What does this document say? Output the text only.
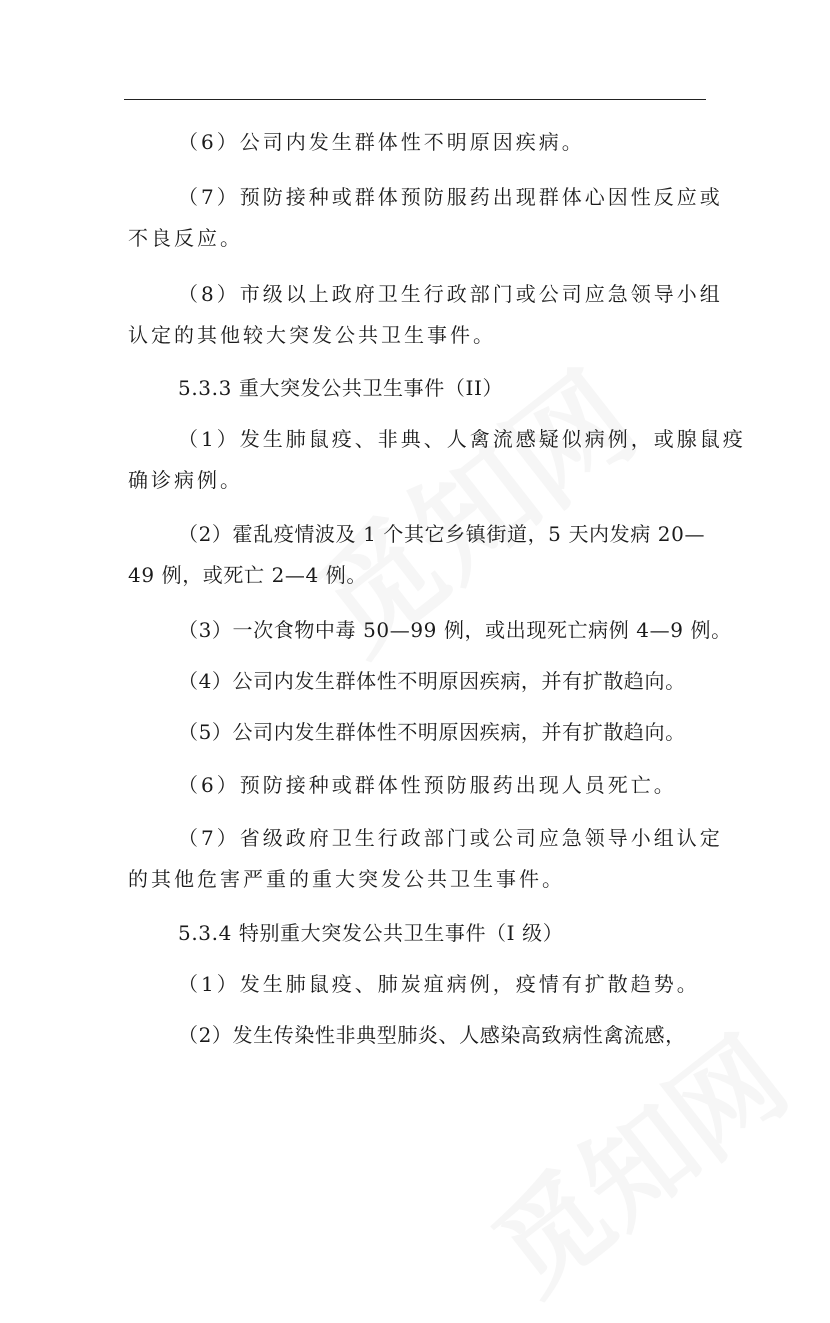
（6）公司内发生群体性不明原因疾病。
（7）预防接种或群体预防服药出现群体心因性反应或
不良反应。
（8）市级以上政府卫生行政部门或公司应急领导小组
认定的其他较大突发公共卫生事件。
5.3.3 重大突发公共卫生事件（II）
（1）发生肺鼠疫、非典、人禽流感疑似病例，或腺鼠疫
确诊病例。
（2）霍乱疫情波及 1 个其它乡镇街道，5 天内发病 20—
49 例，或死亡 2—4 例。
（3）一次食物中毒 50—99 例，或出现死亡病例 4—9 例。
（4）公司内发生群体性不明原因疾病，并有扩散趋向。
（5）公司内发生群体性不明原因疾病，并有扩散趋向。
（6）预防接种或群体性预防服药出现人员死亡。
（7）省级政府卫生行政部门或公司应急领导小组认定
的其他危害严重的重大突发公共卫生事件。
5.3.4 特别重大突发公共卫生事件（I 级）
（1）发生肺鼠疫、肺炭疽病例，疫情有扩散趋势。
（2）发生传染性非典型肺炎、人感染高致病性禽流感，
